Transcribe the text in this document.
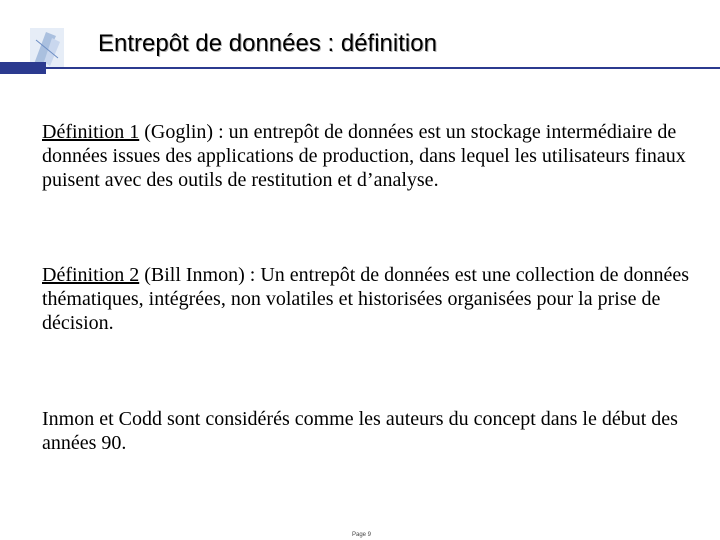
Entrepôt de données : définition
Définition 1 (Goglin) : un entrepôt de données est un stockage intermédiaire de données issues des applications de production, dans lequel les utilisateurs finaux puisent avec des outils de restitution et d’analyse.
Définition 2 (Bill Inmon) : Un entrepôt de données est une collection de données thématiques, intégrées, non volatiles et historisées organisées pour la prise de décision.
Inmon et Codd sont considérés comme les auteurs du concept dans le début des années 90.
Page 9
